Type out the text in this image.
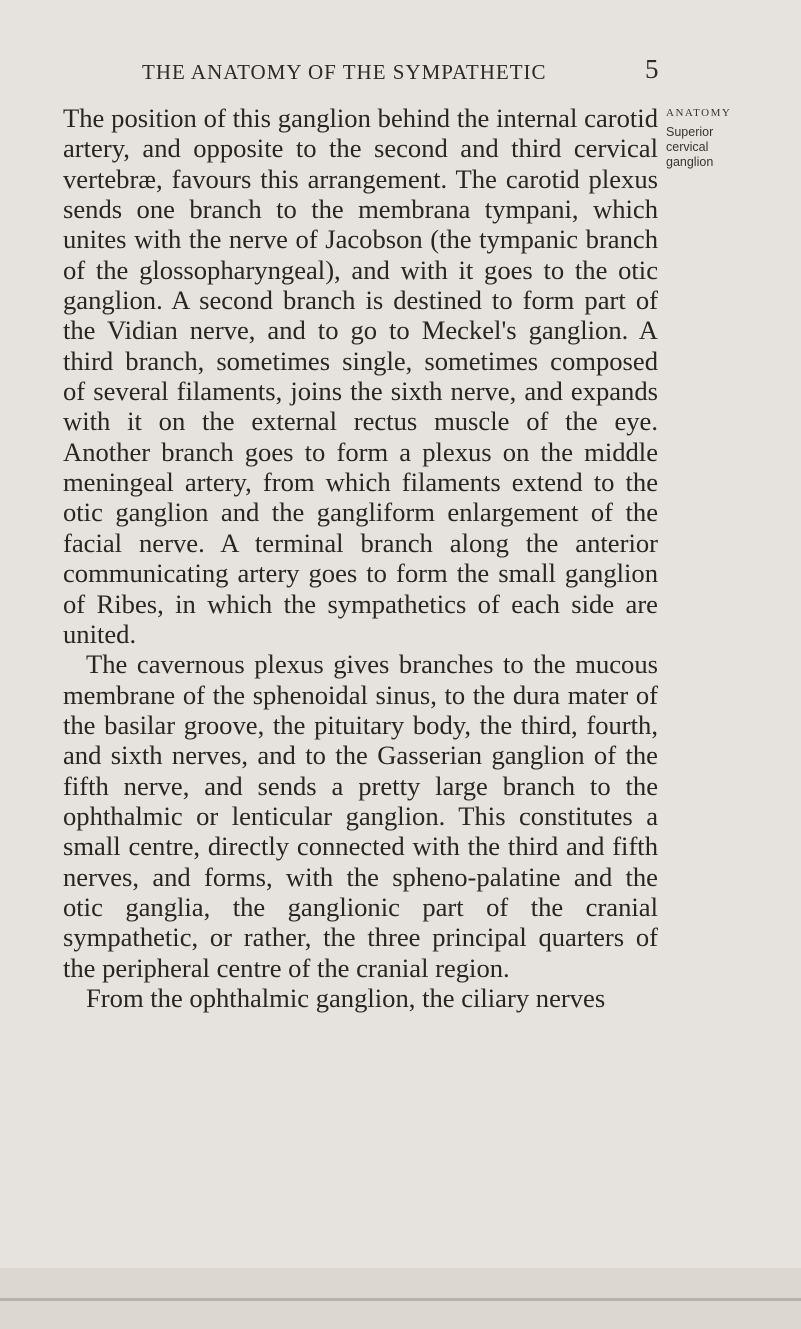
THE ANATOMY OF THE SYMPATHETIC	5
ANATOMY
Superior
cervical
ganglion

The position of this ganglion behind the internal carotid artery, and opposite to the second and third cervical vertebræ, favours this arrangement. The carotid plexus sends one branch to the membrana tympani, which unites with the nerve of Jacobson (the tympanic branch of the glossopharyngeal), and with it goes to the otic ganglion. A second branch is destined to form part of the Vidian nerve, and to go to Meckel's ganglion. A third branch, sometimes single, sometimes composed of several filaments, joins the sixth nerve, and expands with it on the external rectus muscle of the eye. Another branch goes to form a plexus on the middle meningeal artery, from which filaments extend to the otic ganglion and the gangliform enlargement of the facial nerve. A terminal branch along the anterior communicating artery goes to form the small ganglion of Ribes, in which the sympathetics of each side are united.

The cavernous plexus gives branches to the mucous membrane of the sphenoidal sinus, to the dura mater of the basilar groove, the pituitary body, the third, fourth, and sixth nerves, and to the Gasserian ganglion of the fifth nerve, and sends a pretty large branch to the ophthalmic or lenticular ganglion. This constitutes a small centre, directly connected with the third and fifth nerves, and forms, with the spheno-palatine and the otic ganglia, the ganglionic part of the cranial sympathetic, or rather, the three principal quarters of the peripheral centre of the cranial region.

From the ophthalmic ganglion, the ciliary nerves
